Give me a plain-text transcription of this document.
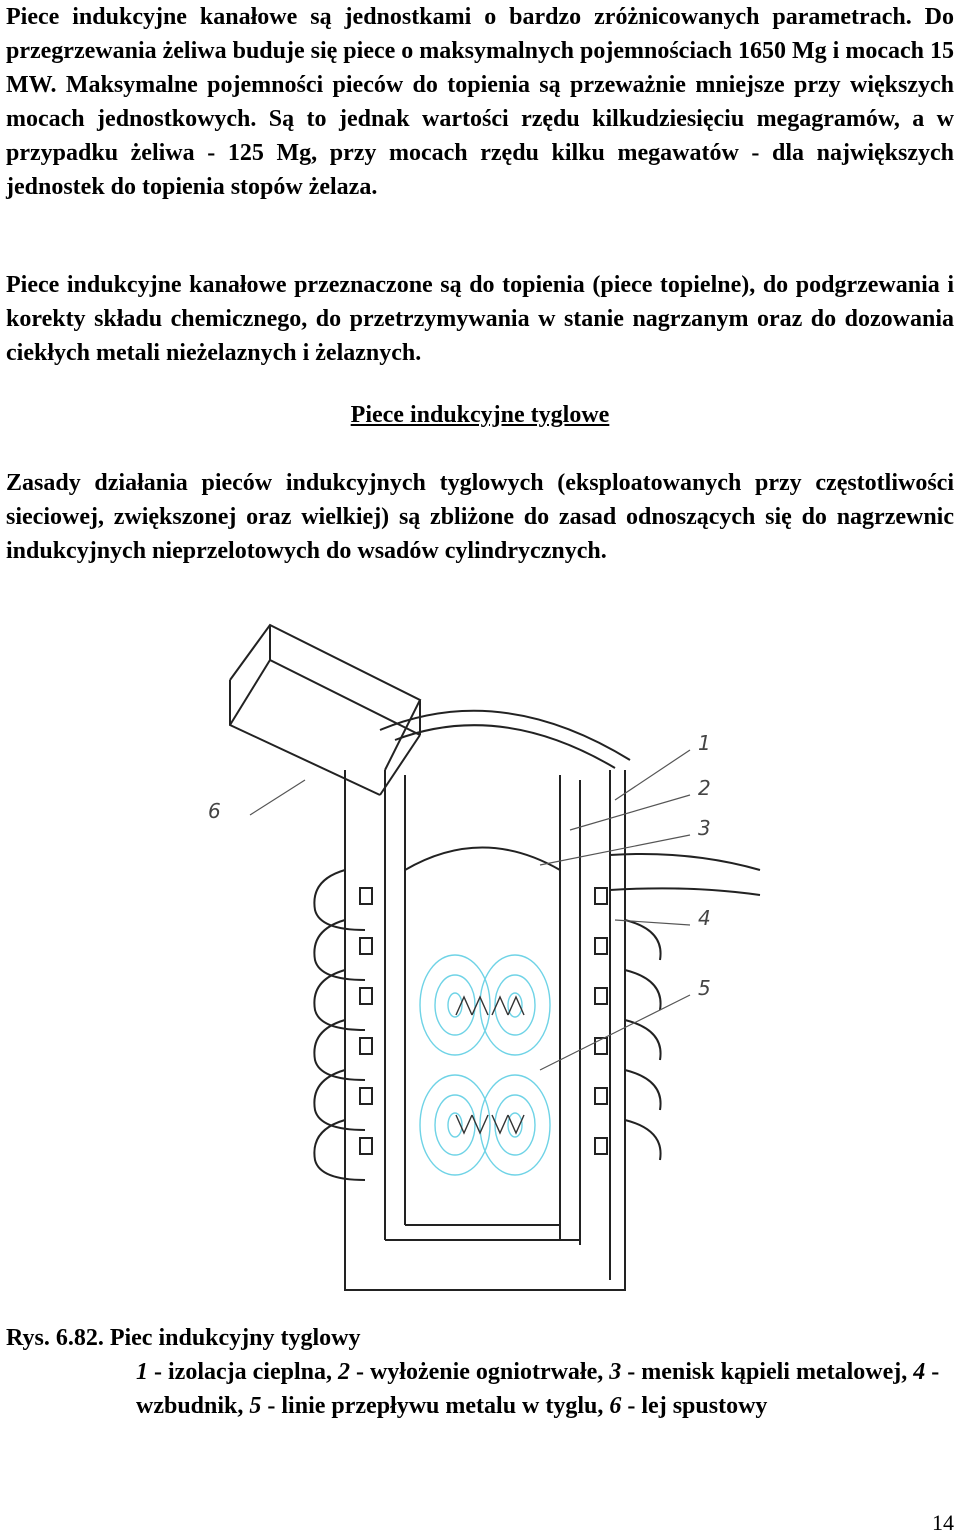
Piece indukcyjne kanałowe są jednostkami o bardzo zróżnicowanych parametrach. Do przegrzewania żeliwa buduje się piece o maksymalnych pojemnościach 1650 Mg i mocach 15 MW. Maksymalne pojemności pieców do topienia są przeważnie mniejsze przy większych mocach jednostkowych. Są to jednak wartości rzędu kilkudziesięciu megagramów, a w przypadku żeliwa - 125 Mg, przy mocach rzędu kilku megawatów - dla największych jednostek do topienia stopów żelaza.

Piece indukcyjne kanałowe przeznaczone są do topienia (piece topielne), do podgrzewania i korekty składu chemicznego, do przetrzymywania w stanie nagrzanym oraz do dozowania ciekłych metali nieżelaznych i żelaznych.

Piece indukcyjne tyglowe

Zasady działania pieców indukcyjnych tyglowych (eksploatowanych przy częstotliwości sieciowej, zwiększonej oraz wielkiej) są zbliżone do zasad odnoszących się do nagrzewnic indukcyjnych nieprzelotowych do wsadów cylindrycznych.

1
2
3
4
5
6

Rys. 6.82. Piec indukcyjny tyglowy

1 - izolacja cieplna, 2 - wyłożenie ogniotrwałe, 3 - menisk kąpieli metalowej, 4 - wzbudnik, 5 - linie przepływu metalu w tyglu, 6 - lej spustowy

14
